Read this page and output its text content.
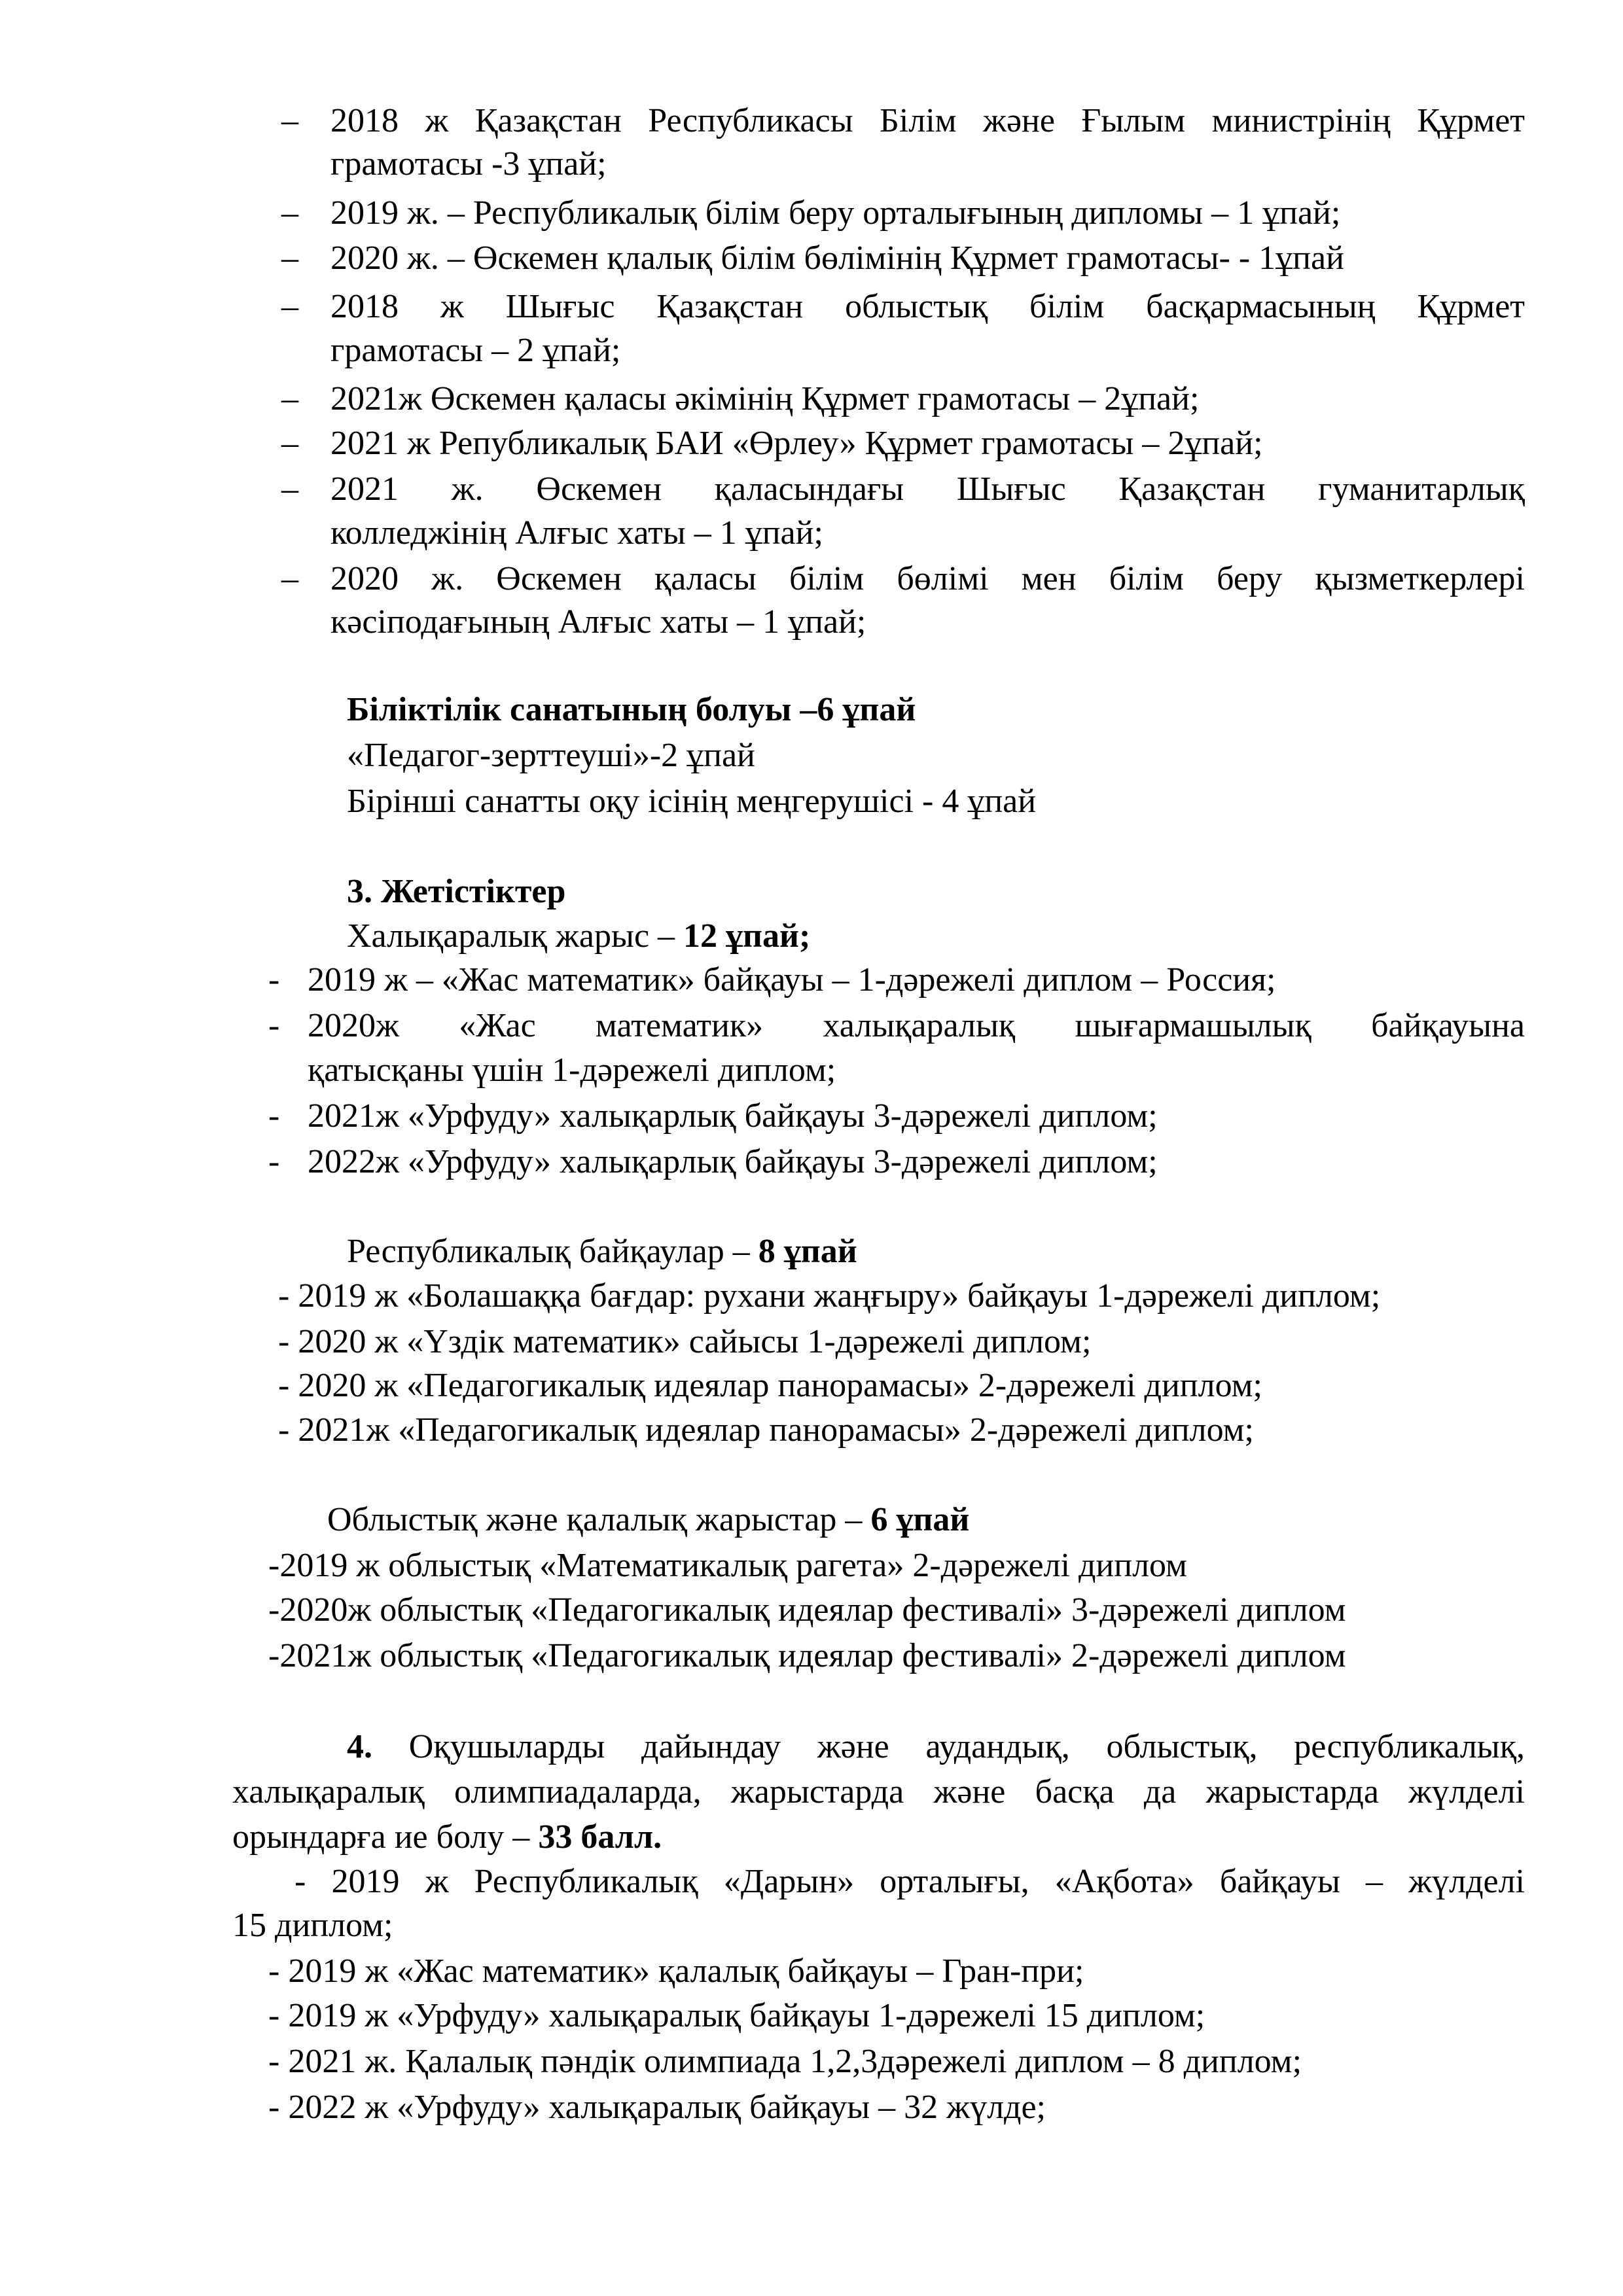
– 2018 ж Қазақстан Республикасы Білім және Ғылым министрінің Құрмет
грамотасы -3 ұпай;
– 2019 ж. – Республикалық білім беру орталығының дипломы – 1 ұпай;
– 2020 ж. – Өскемен қлалық білім бөлімінің Құрмет грамотасы- - 1ұпай
– 2018 ж Шығыс Қазақстан облыстық білім басқармасының Құрмет
грамотасы – 2 ұпай;
– 2021ж Өскемен қаласы әкімінің Құрмет грамотасы – 2ұпай;
– 2021 ж Републикалық БАИ «Өрлеу» Құрмет грамотасы – 2ұпай;
– 2021 ж. Өскемен қаласындағы Шығыс Қазақстан гуманитарлық
колледжінің Алғыс хаты – 1 ұпай;
– 2020 ж. Өскемен қаласы білім бөлімі мен білім беру қызметкерлері
кәсіподағының Алғыс хаты – 1 ұпай;
Біліктілік санатының болуы –6 ұпай
«Педагог-зерттеуші»-2 ұпай
Бірінші санатты оқу ісінің меңгерушісі - 4 ұпай
3. Жетістіктер
Халықаралық жарыс – 12 ұпай;
- 2019 ж – «Жас математик» байқауы – 1-дәрежелі диплом – Россия;
- 2020ж «Жас математик» халықаралық шығармашылық байқауына
қатысқаны үшін 1-дәрежелі диплом;
- 2021ж «Урфуду» халықарлық байқауы 3-дәрежелі диплом;
- 2022ж «Урфуду» халықарлық байқауы 3-дәрежелі диплом;
Республикалық байқаулар – 8 ұпай
- 2019 ж «Болашаққа бағдар: рухани жаңғыру» байқауы 1-дәрежелі диплом;
- 2020 ж «Үздік математик» сайысы 1-дәрежелі диплом;
- 2020 ж «Педагогикалық идеялар панорамасы» 2-дәрежелі диплом;
- 2021ж «Педагогикалық идеялар панорамасы» 2-дәрежелі диплом;
Облыстық және қалалық жарыстар – 6 ұпай
-2019 ж облыстық «Математикалық рагета» 2-дәрежелі диплом
-2020ж облыстық «Педагогикалық идеялар фестивалі» 3-дәрежелі диплом
-2021ж облыстық «Педагогикалық идеялар фестивалі» 2-дәрежелі диплом
4. Оқушыларды дайындау және аудандық, облыстық, республикалық,
халықаралық олимпиадаларда, жарыстарда және басқа да жарыстарда жүлделі
орындарға ие болу – 33 балл.
- 2019 ж Республикалық «Дарын» орталығы, «Ақбота» байқауы – жүлделі
15 диплом;
- 2019 ж «Жас математик» қалалық байқауы – Гран-при;
- 2019 ж «Урфуду» халықаралық байқауы 1-дәрежелі 15 диплом;
- 2021 ж. Қалалық пәндік олимпиада 1,2,3дәрежелі диплом – 8 диплом;
- 2022 ж «Урфуду» халықаралық байқауы – 32 жүлде;
